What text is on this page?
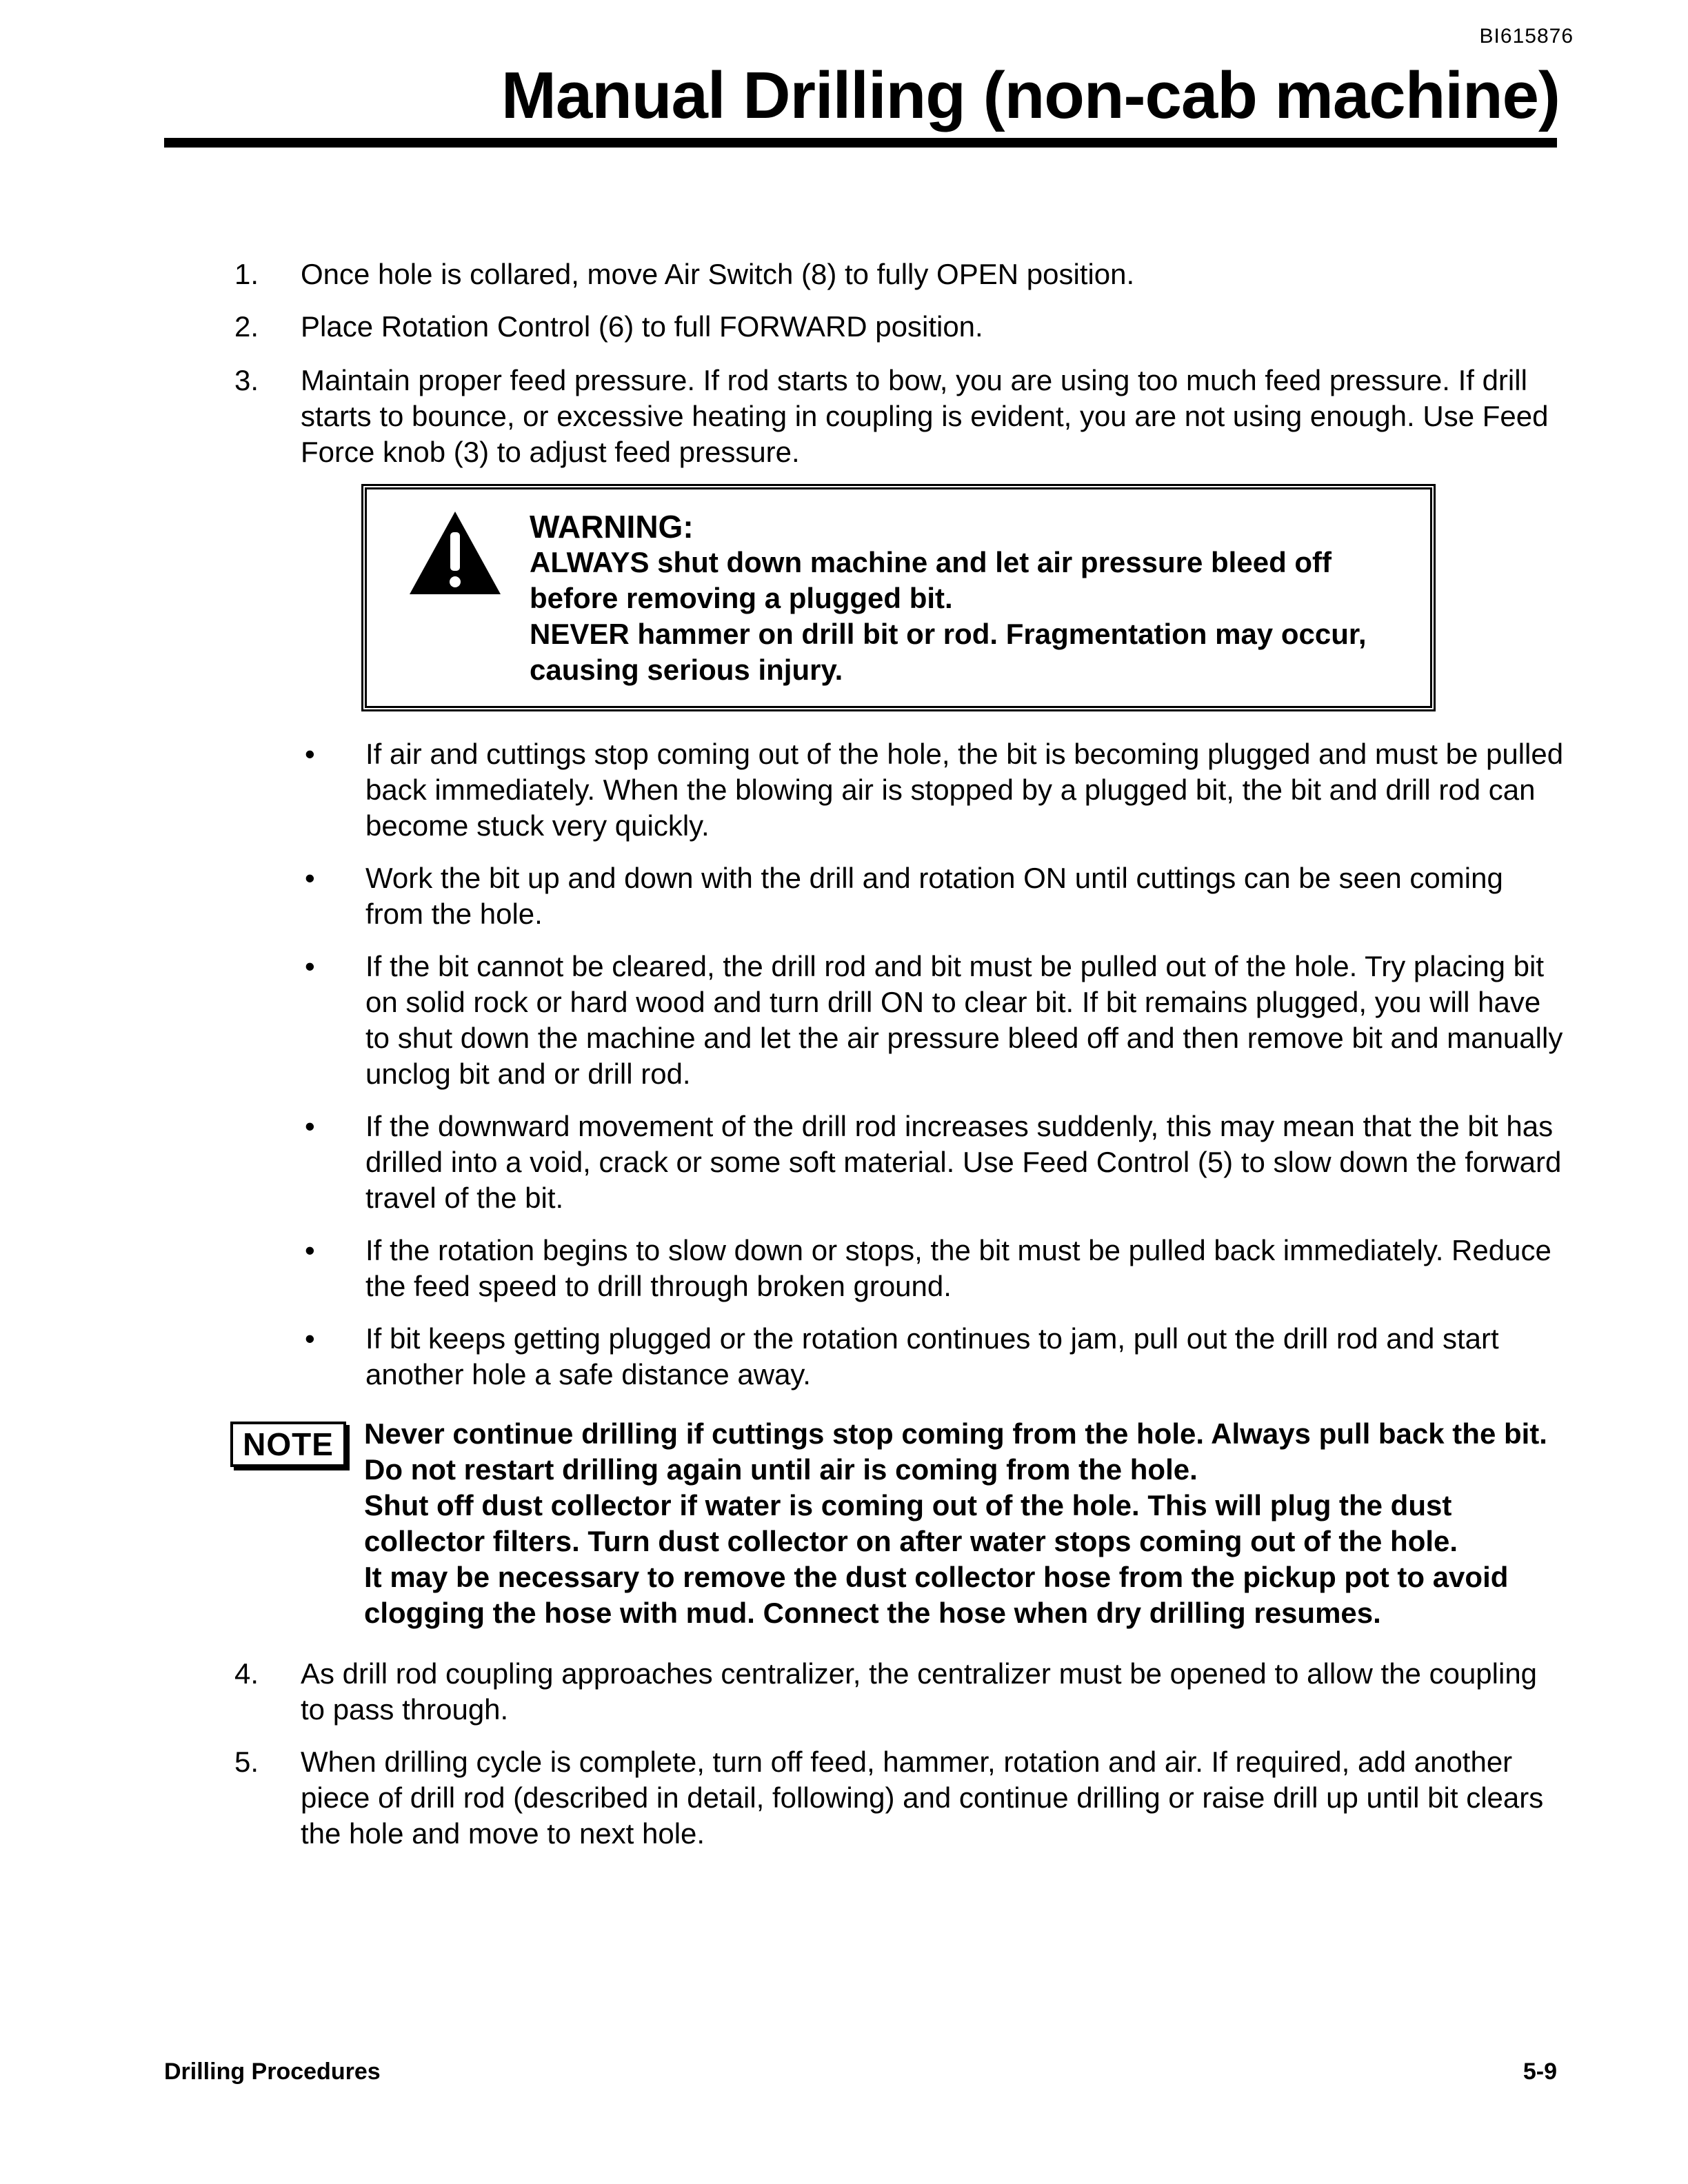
BI615876
Manual Drilling (non-cab machine)
1.	Once hole is collared, move Air Switch (8) to fully OPEN position.
2.	Place Rotation Control (6) to full FORWARD position.
3.	Maintain proper feed pressure. If rod starts to bow, you are using too much feed pressure. If drill starts to bounce, or excessive heating in coupling is evident, you are not using enough. Use Feed Force knob (3) to adjust feed pressure.
WARNING:
ALWAYS shut down machine and let air pressure bleed off before removing a plugged bit.
NEVER hammer on drill bit or rod. Fragmentation may occur, causing serious injury.
• If air and cuttings stop coming out of the hole, the bit is becoming plugged and must be pulled back immediately. When the blowing air is stopped by a plugged bit, the bit and drill rod can become stuck very quickly.
• Work the bit up and down with the drill and rotation ON until cuttings can be seen coming from the hole.
• If the bit cannot be cleared, the drill rod and bit must be pulled out of the hole. Try placing bit on solid rock or hard wood and turn drill ON to clear bit. If bit remains plugged, you will have to shut down the machine and let the air pressure bleed off and then remove bit and manually unclog bit and or drill rod.
• If the downward movement of the drill rod increases suddenly, this may mean that the bit has drilled into a void, crack or some soft material. Use Feed Control (5) to slow down the forward travel of the bit.
• If the rotation begins to slow down or stops, the bit must be pulled back immediately. Reduce the feed speed to drill through broken ground.
• If bit keeps getting plugged or the rotation continues to jam, pull out the drill rod and start another hole a safe distance away.
NOTE	Never continue drilling if cuttings stop coming from the hole. Always pull back the bit. Do not restart drilling again until air is coming from the hole.
Shut off dust collector if water is coming out of the hole. This will plug the dust collector filters. Turn dust collector on after water stops coming out of the hole.
It may be necessary to remove the dust collector hose from the pickup pot to avoid clogging the hose with mud. Connect the hose when dry drilling resumes.
4.	As drill rod coupling approaches centralizer, the centralizer must be opened to allow the coupling to pass through.
5.	When drilling cycle is complete, turn off feed, hammer, rotation and air. If required, add another piece of drill rod (described in detail, following) and continue drilling or raise drill up until bit clears the hole and move to next hole.
Drilling Procedures	5-9
